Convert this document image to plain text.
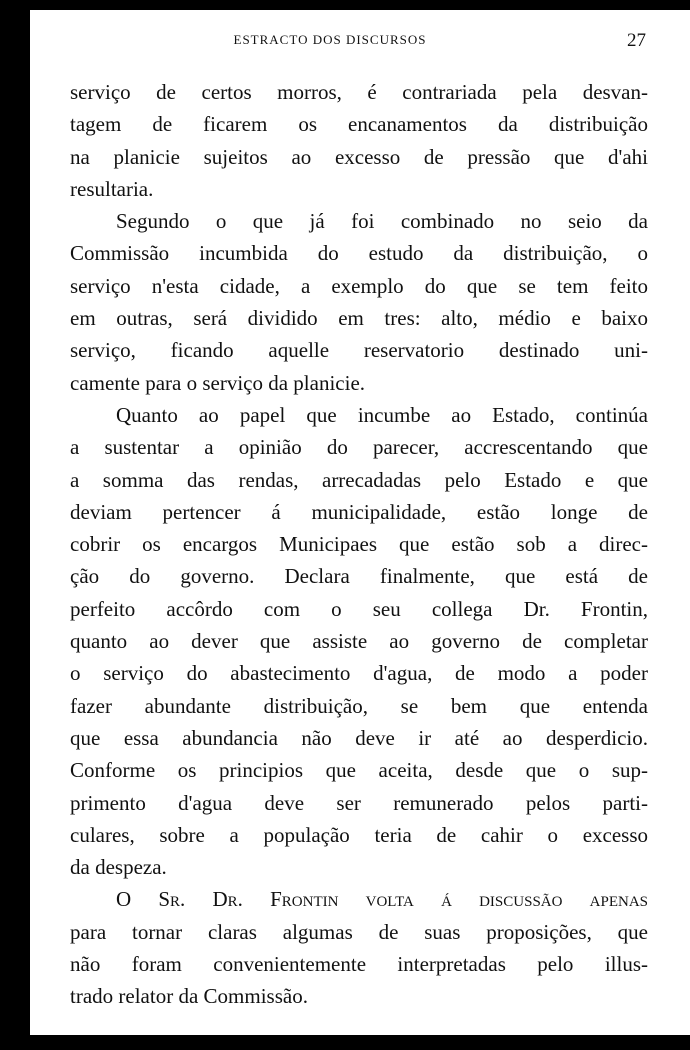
ESTRACTO DOS DISCURSOS	27
serviço de certos morros, é contrariada pela desvan-
tagem de ficarem os encanamentos da distribuição
na planicie sujeitos ao excesso de pressão que d'ahi
resultaria.
Segundo o que já foi combinado no seio da
Commissão incumbida do estudo da distribuição, o
serviço n'esta cidade, a exemplo do que se tem feito
em outras, será dividido em tres: alto, médio e baixo
serviço, ficando aquelle reservatorio destinado uni-
camente para o serviço da planicie.
Quanto ao papel que incumbe ao Estado, continúa
a sustentar a opinião do parecer, accrescentando que
a somma das rendas, arrecadadas pelo Estado e que
deviam pertencer á municipalidade, estão longe de
cobrir os encargos Municipaes que estão sob a direc-
ção do governo. Declara finalmente, que está de
perfeito accôrdo com o seu collega Dr. Frontin,
quanto ao dever que assiste ao governo de completar
o serviço do abastecimento d'agua, de modo a poder
fazer abundante distribuição, se bem que entenda
que essa abundancia não deve ir até ao desperdicio.
Conforme os principios que aceita, desde que o sup-
primento d'agua deve ser remunerado pelos parti-
culares, sobre a população teria de cahir o excesso
da despeza.
O Sr. Dr. Frontin volta á discussão apenas
para tornar claras algumas de suas proposições, que
não foram convenientemente interpretadas pelo illus-
trado relator da Commissão.
